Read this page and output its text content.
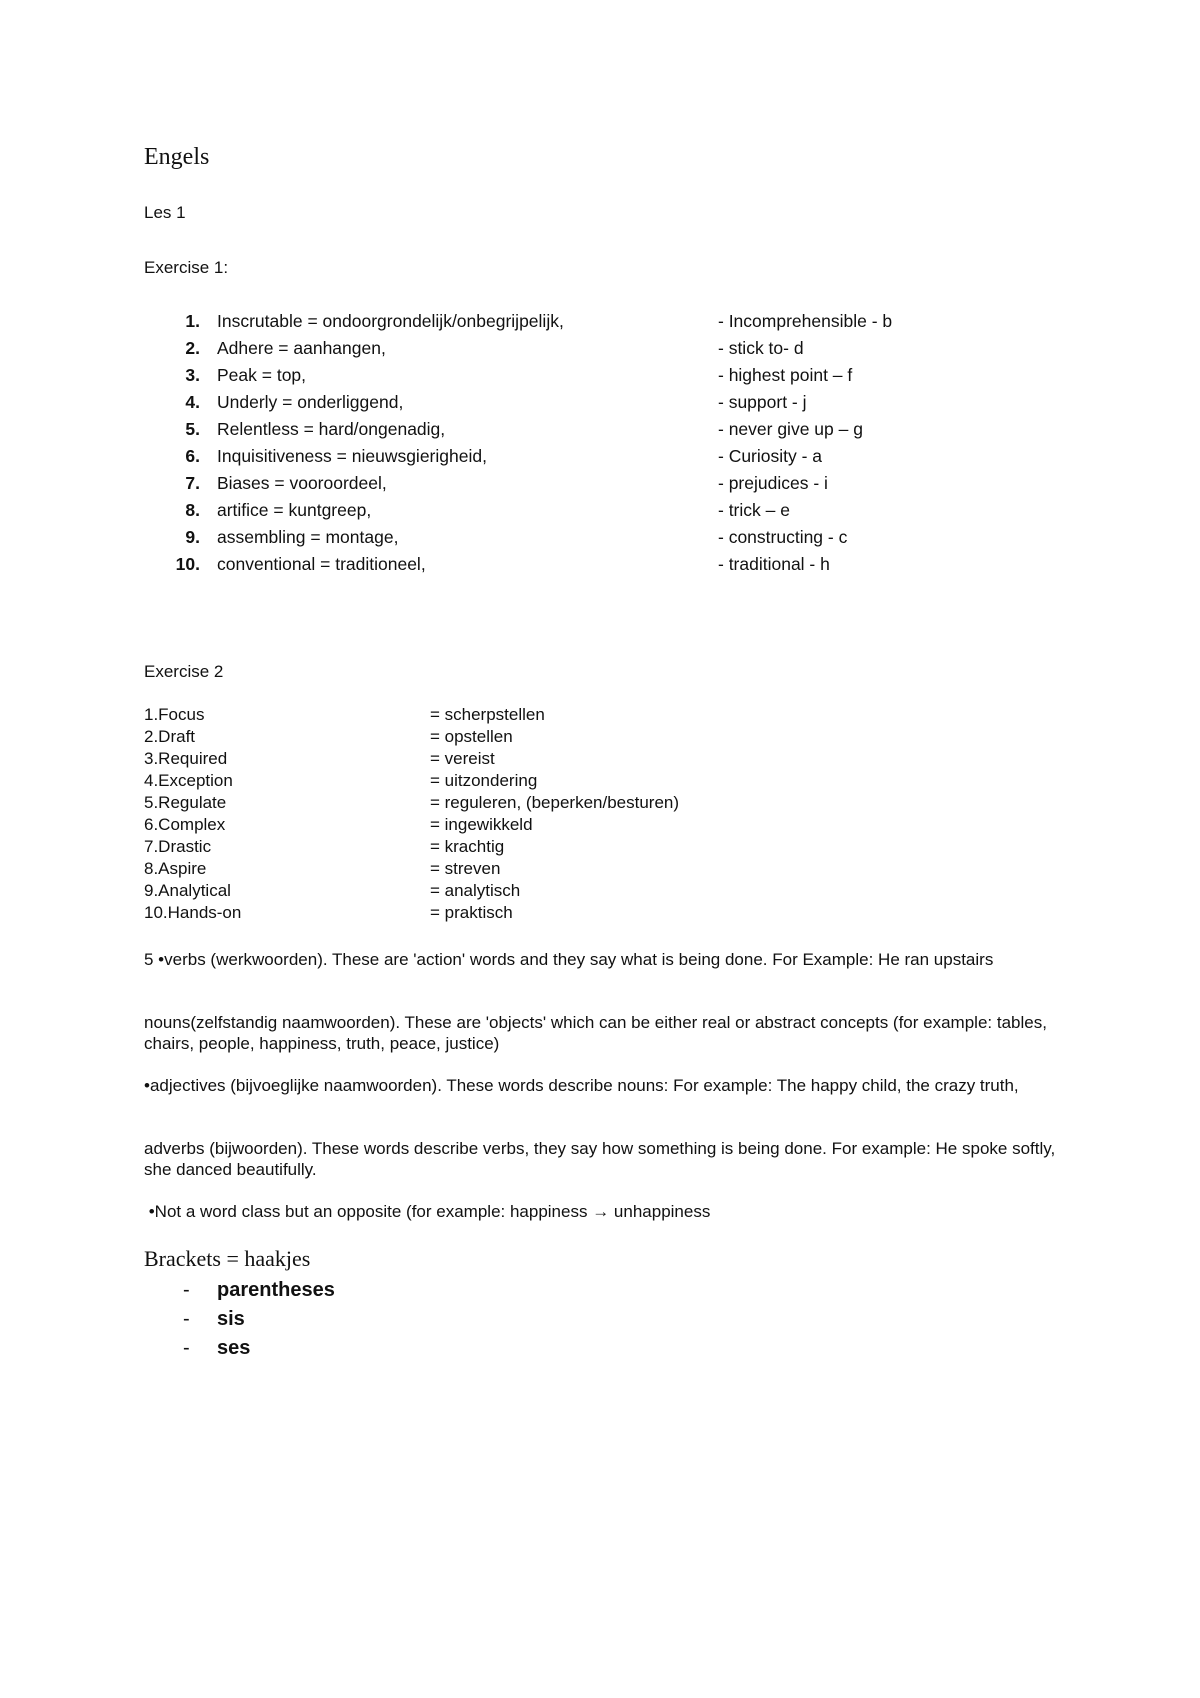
Engels
Les 1
Exercise 1:
1. Inscrutable = ondoorgrondelijk/onbegrijpelijk,	- Incomprehensible - b
2. Adhere = aanhangen,	- stick to- d
3. Peak = top,	- highest point – f
4. Underly = onderliggend,	- support - j
5. Relentless = hard/ongenadig,	- never give up – g
6. Inquisitiveness = nieuwsgierigheid,	- Curiosity - a
7. Biases = vooroordeel,	- prejudices - i
8. artifice = kuntgreep,	- trick – e
9. assembling = montage,	- constructing - c
10. conventional = traditioneel,	- traditional - h
Exercise 2
1.Focus	= scherpstellen
2.Draft	= opstellen
3.Required	= vereist
4.Exception	= uitzondering
5.Regulate	= reguleren, (beperken/besturen)
6.Complex	= ingewikkeld
7.Drastic	= krachtig
8.Aspire	= streven
9.Analytical	= analytisch
10.Hands-on	= praktisch
5 •verbs (werkwoorden). These are 'action' words and they say what is being done. For Example: He ran upstairs
nouns(zelfstandig naamwoorden). These are 'objects' which can be either real or abstract concepts (for example: tables, chairs, people, happiness, truth, peace, justice)
•adjectives (bijvoeglijke naamwoorden). These words describe nouns: For example: The happy child, the crazy truth,
adverbs (bijwoorden). These words describe verbs, they say how something is being done. For example: He spoke softly, she danced beautifully.
•Not a word class but an opposite (for example: happiness → unhappiness
Brackets = haakjes
- parentheses
- sis
- ses
